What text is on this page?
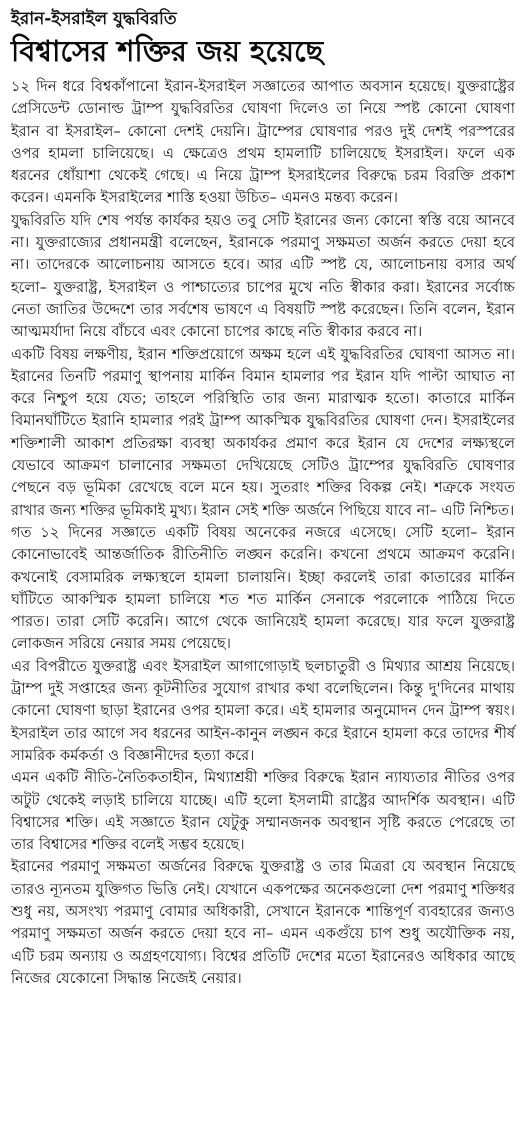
ইরান-ইসরাইল যুদ্ধবিরতি
বিশ্বাসের শক্তির জয় হয়েছে

১২ দিন ধরে বিশ্বকাঁপানো ইরান-ইসরাইল সজ্ঞাতের আপাত অবসান হয়েছে। যুক্তরাষ্ট্রের প্রেসিডেন্ট ডোনাল্ড ট্রাম্প যুদ্ধবিরতির ঘোষণা দিলেও তা নিয়ে স্পষ্ট কোনো ঘোষণা ইরান বা ইসরাইল– কোনো দেশই দেয়নি। ট্রাম্পের ঘোষণার পরও দুই দেশই পরস্পরের ওপর হামলা চালিয়েছে। এ ক্ষেত্রেও প্রথম হামলাটি চালিয়েছে ইসরাইল। ফলে এক ধরনের ধোঁয়াশা থেকেই গেছে। এ নিয়ে ট্রাম্প ইসরাইলের বিরুদ্ধে চরম বিরক্তি প্রকাশ করেন। এমনকি ইসরাইলের শাস্তি হওয়া উচিত– এমনও মন্তব্য করেন।

যুদ্ধবিরতি যদি শেষ পর্যন্ত কার্যকর হয়ও তবু সেটি ইরানের জন্য কোনো স্বস্তি বয়ে আনবে না। যুক্তরাজ্যের প্রধানমন্ত্রী বলেছেন, ইরানকে পরমাণু সক্ষমতা অর্জন করতে দেয়া হবে না। তাদেরকে আলোচনায় আসতে হবে। আর এটি স্পষ্ট যে, আলোচনায় বসার অর্থ হলো– যুক্তরাষ্ট্র, ইসরাইল ও পাশ্চাত্যের চাপের মুখে নতি স্বীকার করা। ইরানের সর্বোচ্চ নেতা জাতির উদ্দেশে তার সর্বশেষ ভাষণে এ বিষয়টি স্পষ্ট করেছেন। তিনি বলেন, ইরান আত্মমর্যাদা নিয়ে বাঁচবে এবং কোনো চাপের কাছে নতি স্বীকার করবে না।

একটি বিষয় লক্ষণীয়, ইরান শক্তিপ্রয়োগে অক্ষম হলে এই যুদ্ধবিরতির ঘোষণা আসত না। ইরানের তিনটি পরমাণু স্থাপনায় মার্কিন বিমান হামলার পর ইরান যদি পাল্টা আঘাত না করে নিশ্চুপ হয়ে যেত; তাহলে পরিস্থিতি তার জন্য মারাত্মক হতো। কাতারে মার্কিন বিমানঘাঁটিতে ইরানি হামলার পরই ট্রাম্প আকস্মিক যুদ্ধবিরতির ঘোষণা দেন। ইসরাইলের শক্তিশালী আকাশ প্রতিরক্ষা ব্যবস্থা অকার্যকর প্রমাণ করে ইরান যে দেশের লক্ষ্যস্থলে যেভাবে আক্রমণ চালানোর সক্ষমতা দেখিয়েছে সেটিও ট্রাম্পের যুদ্ধবিরতি ঘোষণার পেছনে বড় ভূমিকা রেখেছে বলে মনে হয়। সুতরাং শক্তির বিকল্প নেই। শত্রুকে সংযত রাখার জন্য শক্তির ভূমিকাই মুখ্য। ইরান সেই শক্তি অর্জনে পিছিয়ে যাবে না– এটি নিশ্চিত।

গত ১২ দিনের সজ্ঞাতে একটি বিষয় অনেকের নজরে এসেছে। সেটি হলো– ইরান কোনোভাবেই আন্তর্জাতিক রীতিনীতি লঙ্ঘন করেনি। কখনো প্রথমে আক্রমণ করেনি। কখনোই বেসামরিক লক্ষ্যস্থলে হামলা চালায়নি। ইচ্ছা করলেই তারা কাতারের মার্কিন ঘাঁটিতে আকস্মিক হামলা চালিয়ে শত শত মার্কিন সেনাকে পরলোকে পাঠিয়ে দিতে পারত। তারা সেটি করেনি। আগে থেকে জানিয়েই হামলা করেছে। যার ফলে যুক্তরাষ্ট্র লোকজন সরিয়ে নেয়ার সময় পেয়েছে।

এর বিপরীতে যুক্তরাষ্ট্র এবং ইসরাইল আগাগোড়াই ছলচাতুরী ও মিথ্যার আশ্রয় নিয়েছে। ট্রাম্প দুই সপ্তাহের জন্য কূটনীতির সুযোগ রাখার কথা বলেছিলেন। কিন্তু দু'দিনের মাথায় কোনো ঘোষণা ছাড়া ইরানের ওপর হামলা করে। এই হামলার অনুমোদন দেন ট্রাম্প স্বয়ং। ইসরাইল তার আগে সব ধরনের আইন-কানুন লঙ্ঘন করে ইরানে হামলা করে তাদের শীর্ষ সামরিক কর্মকর্তা ও বিজ্ঞানীদের হত্যা করে।

এমন একটি নীতি-নৈতিকতাহীন, মিথ্যাশ্রয়ী শক্তির বিরুদ্ধে ইরান ন্যায্যতার নীতির ওপর অটুট থেকেই লড়াই চালিয়ে যাচ্ছে। এটি হলো ইসলামী রাষ্ট্রের আদর্শিক অবস্থান। এটি বিশ্বাসের শক্তি। এই সজ্ঞাতে ইরান যেটুকু সম্মানজনক অবস্থান সৃষ্টি করতে পেরেছে তা তার বিশ্বাসের শক্তির বলেই সম্ভব হয়েছে।

ইরানের পরমাণু সক্ষমতা অর্জনের বিরুদ্ধে যুক্তরাষ্ট্র ও তার মিত্ররা যে অবস্থান নিয়েছে তারও ন্যূনতম যুক্তিগত ভিত্তি নেই। যেখানে একপক্ষের অনেকগুলো দেশ পরমাণু শক্তিধর শুধু নয়, অসংখ্য পরমাণু বোমার অধিকারী, সেখানে ইরানকে শান্তিপূর্ণ ব্যবহারের জন্যও পরমাণু সক্ষমতা অর্জন করতে দেয়া হবে না– এমন একগুঁয়ে চাপ শুধু অযৌক্তিক নয়, এটি চরম অন্যায় ও অগ্রহণযোগ্য। বিশ্বের প্রতিটি দেশের মতো ইরানেরও অধিকার আছে নিজের যেকোনো সিদ্ধান্ত নিজেই নেয়ার।
